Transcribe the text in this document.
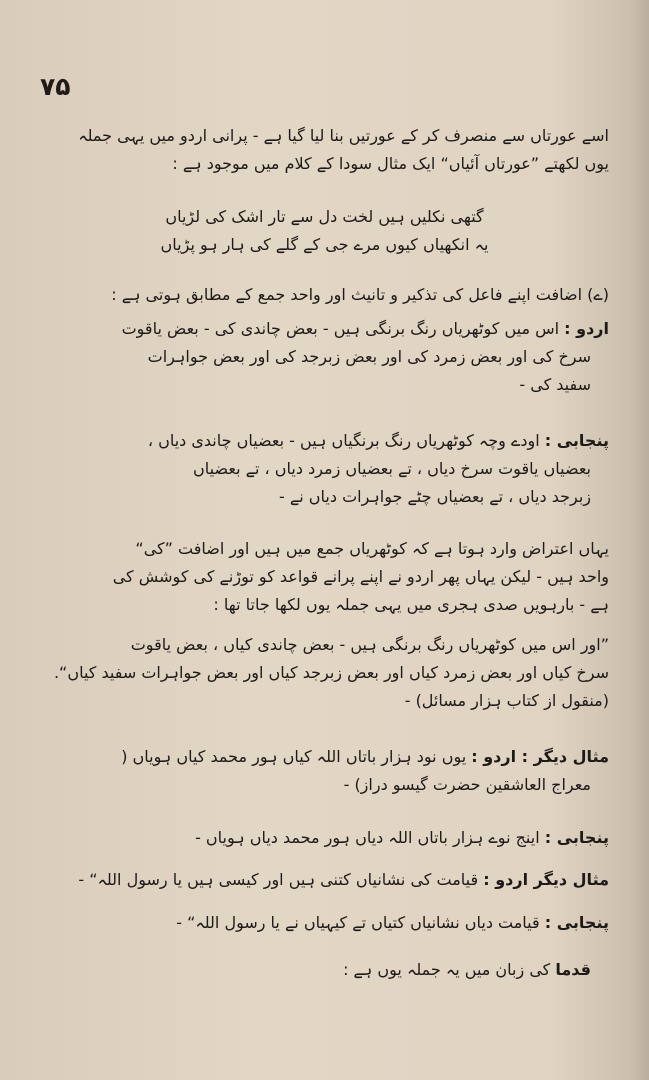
۷۵
اسے عورتاں سے منصرف کر کے عورتیں بنا لیا گیا ہے - پرانی اردو میں یہی جملہ
یوں لکھتے ”عورتاں آئیاں“ ایک مثال سودا کے کلام میں موجود ہے :
گتھی نکلیں ہیں لخت دل سے تار اشک کی لڑیاں
یہ انکھیاں کیوں مرے جی کے گلے کی ہار ہو پڑیاں
(ے) اضافت اپنے فاعل کی تذکیر و تانیث اور واحد جمع کے مطابق ہوتی ہے :
اردو : اس میں کوٹھریاں رنگ برنگی ہیں - بعض چاندی کی - بعض یاقوت
سرخ کی اور بعض زمرد کی اور بعض زبرجد کی اور بعض جواہرات
سفید کی -
پنجابی : اودے وچہ کوٹھریاں رنگ برنگیاں ہیں - بعضیاں چاندی دیاں ،
بعضیاں یاقوت سرخ دیاں ، تے بعضیاں زمرد دیاں ، تے بعضیاں
زبرجد دیاں ، تے بعضیاں چٹے جواہرات دیاں نے -
یہاں اعتراض وارد ہوتا ہے کہ کوٹھریاں جمع میں ہیں اور اضافت ”کی“
واحد ہیں - لیکن یہاں پھر اردو نے اپنے پرانے قواعد کو توڑنے کی کوشش کی
ہے - بارہویں صدی ہجری میں یہی جملہ یوں لکھا جاتا تھا :
”اور اس میں کوٹھریاں رنگ برنگی ہیں - بعض چاندی کیاں ، بعض یاقوت
سرخ کیاں اور بعض زمرد کیاں اور بعض زبرجد کیاں اور بعض جواہرات سفید کیاں“.
(منقول از کتاب ہزار مسائل) -
مثال دیگر : اردو : یوں نود ہزار باتاں اللہ کیاں ہور محمد کیاں ہویاں (
معراج العاشقین حضرت گیسو دراز) -
پنجابی : اینج نوے ہزار باتاں اللہ دیاں ہور محمد دیاں ہویاں -
مثال دیگر اردو : قیامت کی نشانیاں کتنی ہیں اور کیسی ہیں یا رسول اللہ“ -
پنجابی : قیامت دیاں نشانیاں کتیاں تے کیہیاں نے یا رسول اللہ“ -
قدما کی زبان میں یہ جملہ یوں ہے :
